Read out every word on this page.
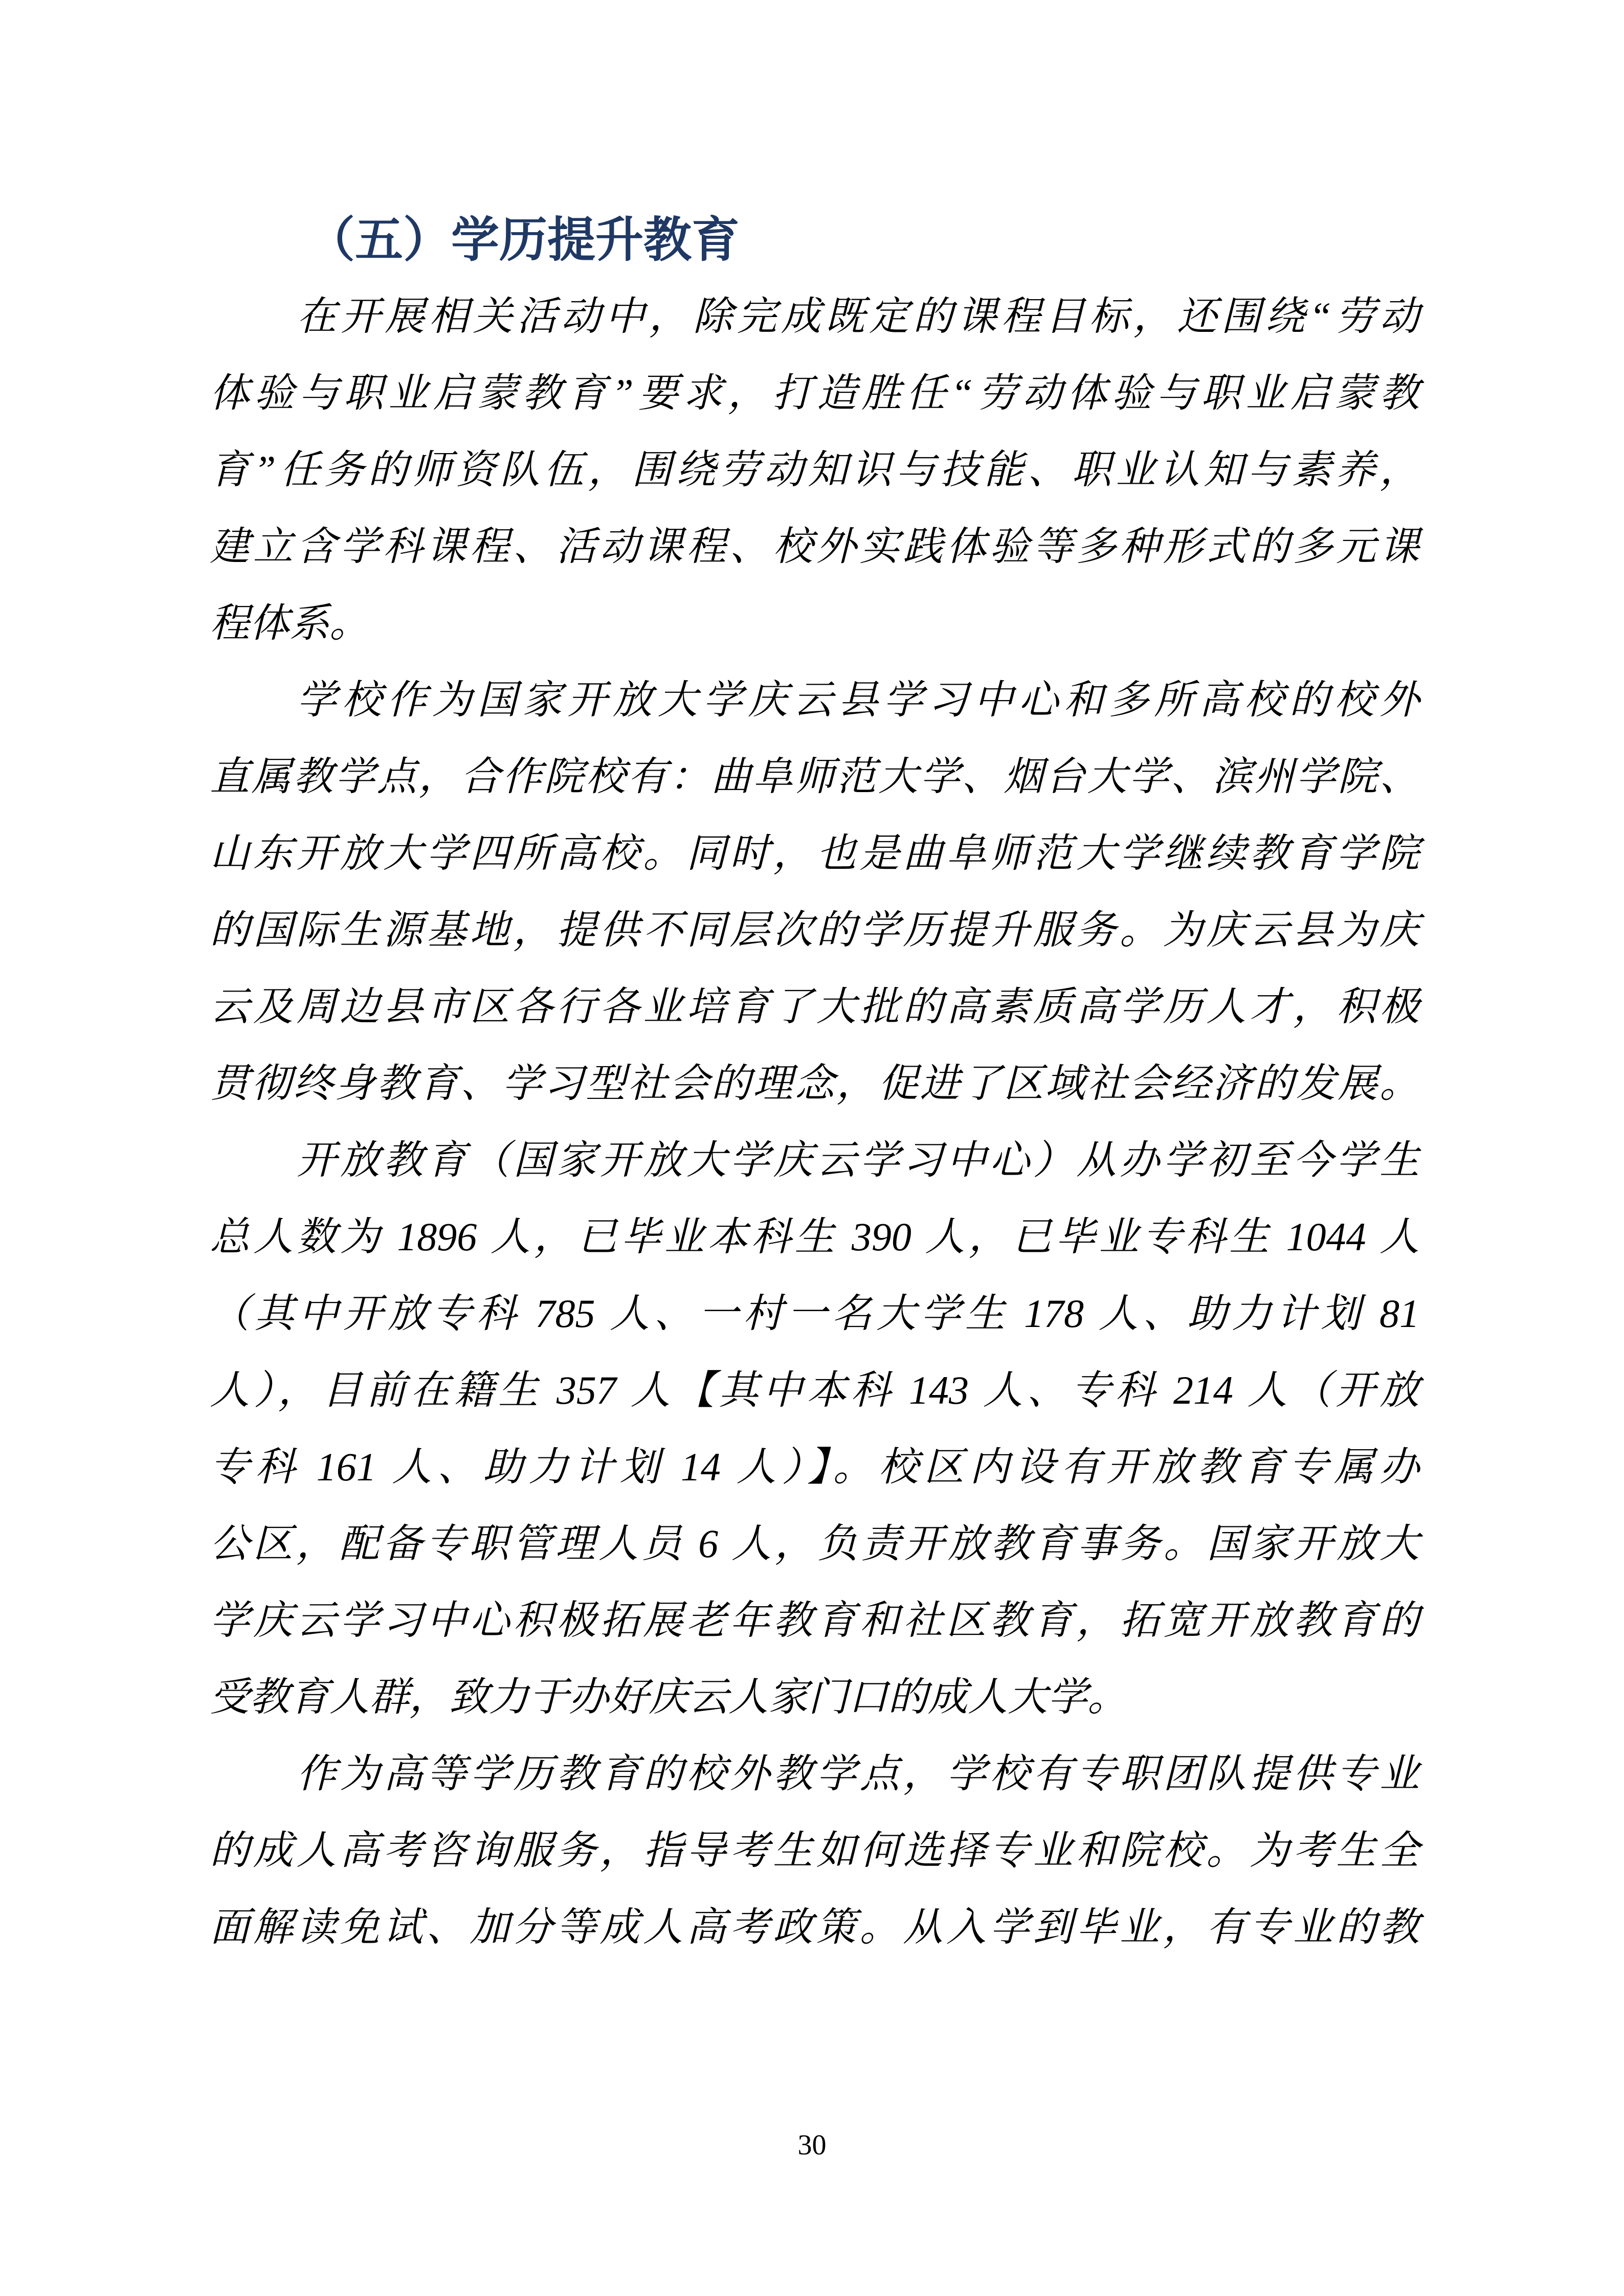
（五）学历提升教育
在开展相关活动中，除完成既定的课程目标，还围绕“劳动
体验与职业启蒙教育”要求，打造胜任“劳动体验与职业启蒙教
育”任务的师资队伍，围绕劳动知识与技能、职业认知与素养，
建立含学科课程、活动课程、校外实践体验等多种形式的多元课
程体系。
学校作为国家开放大学庆云县学习中心和多所高校的校外
直属教学点，合作院校有：曲阜师范大学、烟台大学、滨州学院、
山东开放大学四所高校。同时，也是曲阜师范大学继续教育学院
的国际生源基地，提供不同层次的学历提升服务。为庆云县为庆
云及周边县市区各行各业培育了大批的高素质高学历人才，积极
贯彻终身教育、学习型社会的理念，促进了区域社会经济的发展。
开放教育（国家开放大学庆云学习中心）从办学初至今学生
总人数为 1896 人，已毕业本科生 390 人，已毕业专科生 1044 人
（其中开放专科 785 人、一村一名大学生 178 人、助力计划 81
人），目前在籍生 357 人【其中本科 143 人、专科 214 人（开放
专科 161 人、助力计划 14 人）】。校区内设有开放教育专属办
公区，配备专职管理人员 6 人，负责开放教育事务。国家开放大
学庆云学习中心积极拓展老年教育和社区教育，拓宽开放教育的
受教育人群，致力于办好庆云人家门口的成人大学。
作为高等学历教育的校外教学点，学校有专职团队提供专业
的成人高考咨询服务，指导考生如何选择专业和院校。为考生全
面解读免试、加分等成人高考政策。从入学到毕业，有专业的教
30
